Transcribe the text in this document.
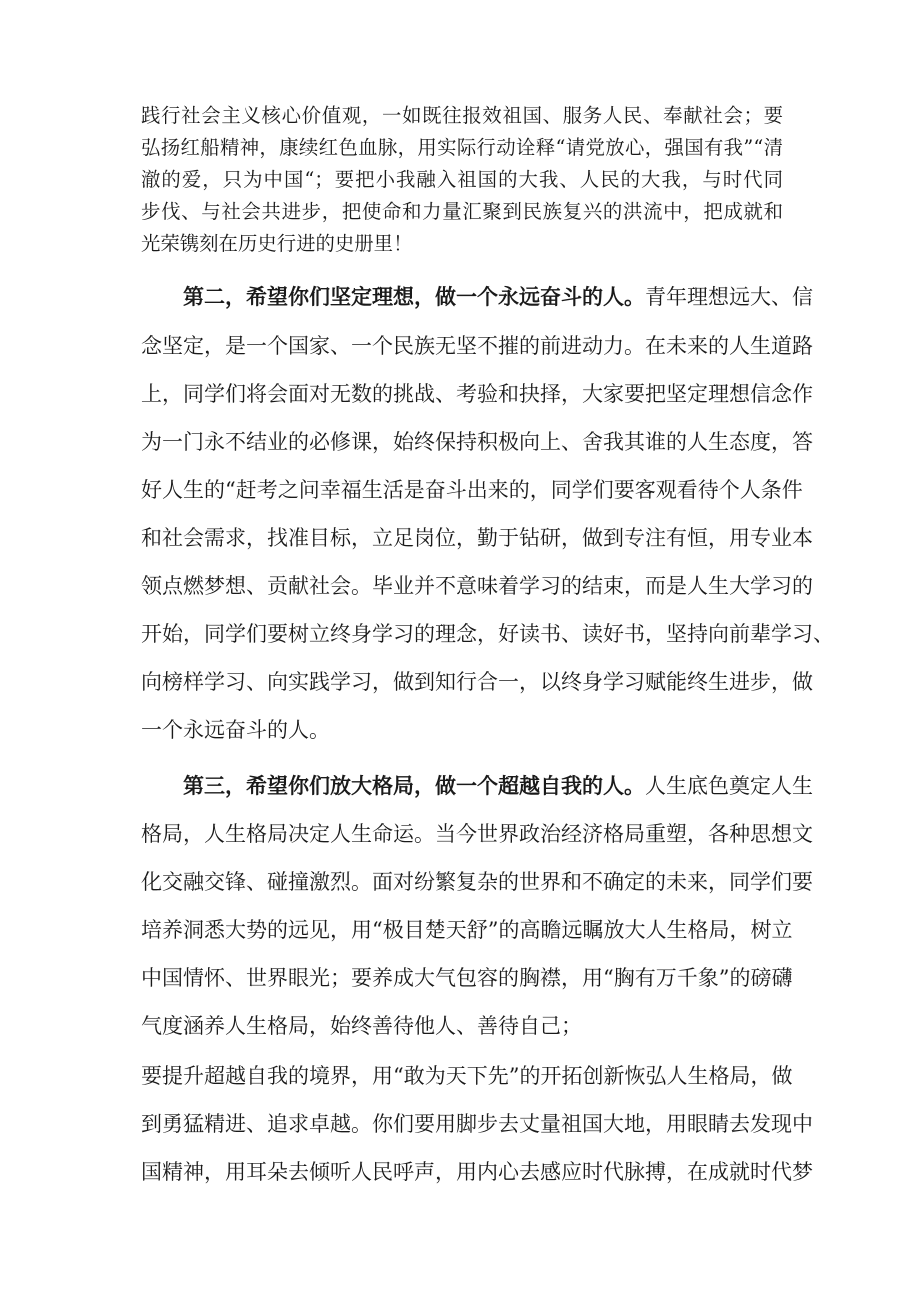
践行社会主义核心价值观，一如既往报效祖国、服务人民、奉献社会；要
弘扬红船精神，康续红色血脉，用实际行动诠释“请党放心，强国有我”“清
澈的爱，只为中国“；要把小我融入祖国的大我、人民的大我，与时代同
步伐、与社会共进步，把使命和力量汇聚到民族复兴的洪流中，把成就和
光荣镌刻在历史行进的史册里！
第二，希望你们坚定理想，做一个永远奋斗的人。青年理想远大、信
念坚定，是一个国家、一个民族无坚不摧的前进动力。在未来的人生道路
上，同学们将会面对无数的挑战、考验和抉择，大家要把坚定理想信念作
为一门永不结业的必修课，始终保持积极向上、舍我其谁的人生态度，答
好人生的“赶考之问幸福生活是奋斗出来的，同学们要客观看待个人条件
和社会需求，找准目标，立足岗位，勤于钻研，做到专注有恒，用专业本
领点燃梦想、贡献社会。毕业并不意味着学习的结束，而是人生大学习的
开始，同学们要树立终身学习的理念，好读书、读好书，坚持向前辈学习、
向榜样学习、向实践学习，做到知行合一，以终身学习赋能终生进步，做
一个永远奋斗的人。
第三，希望你们放大格局，做一个超越自我的人。人生底色奠定人生
格局，人生格局决定人生命运。当今世界政治经济格局重塑，各种思想文
化交融交锋、碰撞激烈。面对纷繁复杂的世界和不确定的未来，同学们要
培养洞悉大势的远见，用“极目楚天舒”的高瞻远瞩放大人生格局，树立
中国情怀、世界眼光；要养成大气包容的胸襟，用“胸有万千象”的磅礴
气度涵养人生格局，始终善待他人、善待自己；
要提升超越自我的境界，用“敢为天下先”的开拓创新恢弘人生格局，做
到勇猛精进、追求卓越。你们要用脚步去丈量祖国大地，用眼睛去发现中
国精神，用耳朵去倾听人民呼声，用内心去感应时代脉搏，在成就时代梦
